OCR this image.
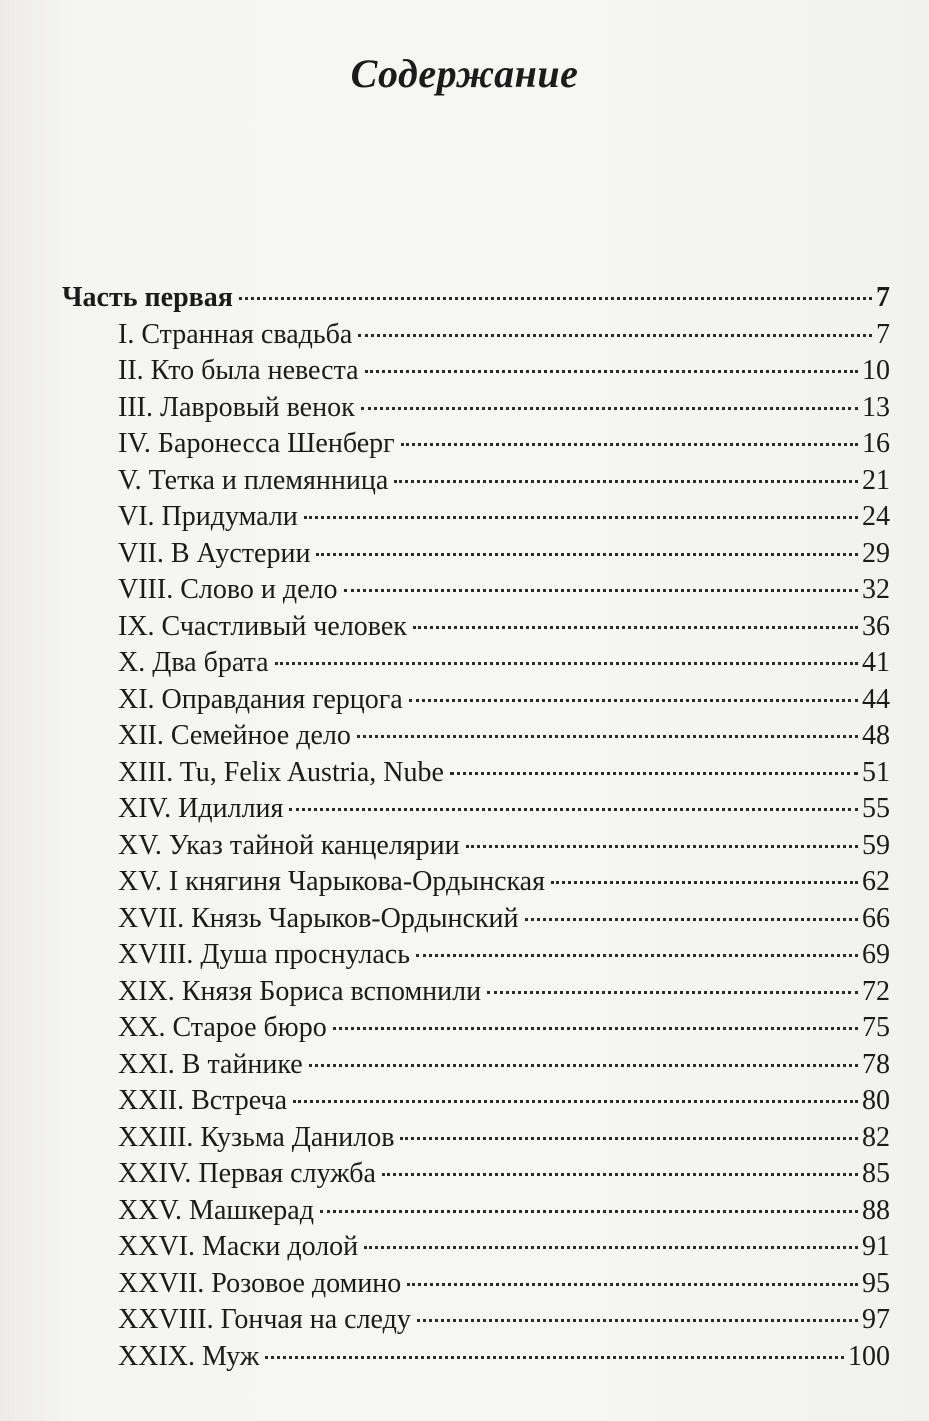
Содержание
Часть первая	7
I. Странная свадьба	7
II. Кто была невеста	10
III. Лавровый венок	13
IV. Баронесса Шенберг	16
V. Тетка и племянница	21
VI. Придумали	24
VII. В Аустерии	29
VIII. Слово и дело	32
IX. Счастливый человек	36
X. Два брата	41
XI. Оправдания герцога	44
XII. Семейное дело	48
XIII. Tu, Felix Austria, Nube	51
XIV. Идиллия	55
XV. Указ тайной канцелярии	59
XV. I княгиня Чарыкова-Ордынская	62
XVII. Князь Чарыков-Ордынский	66
XVIII. Душа проснулась	69
XIX. Князя Бориса вспомнили	72
XX. Старое бюро	75
XXI. В тайнике	78
XXII. Встреча	80
XXIII. Кузьма Данилов	82
XXIV. Первая служба	85
XXV. Машкерад	88
XXVI. Маски долой	91
XXVII. Розовое домино	95
XXVIII. Гончая на следу	97
XXIX. Муж	100
